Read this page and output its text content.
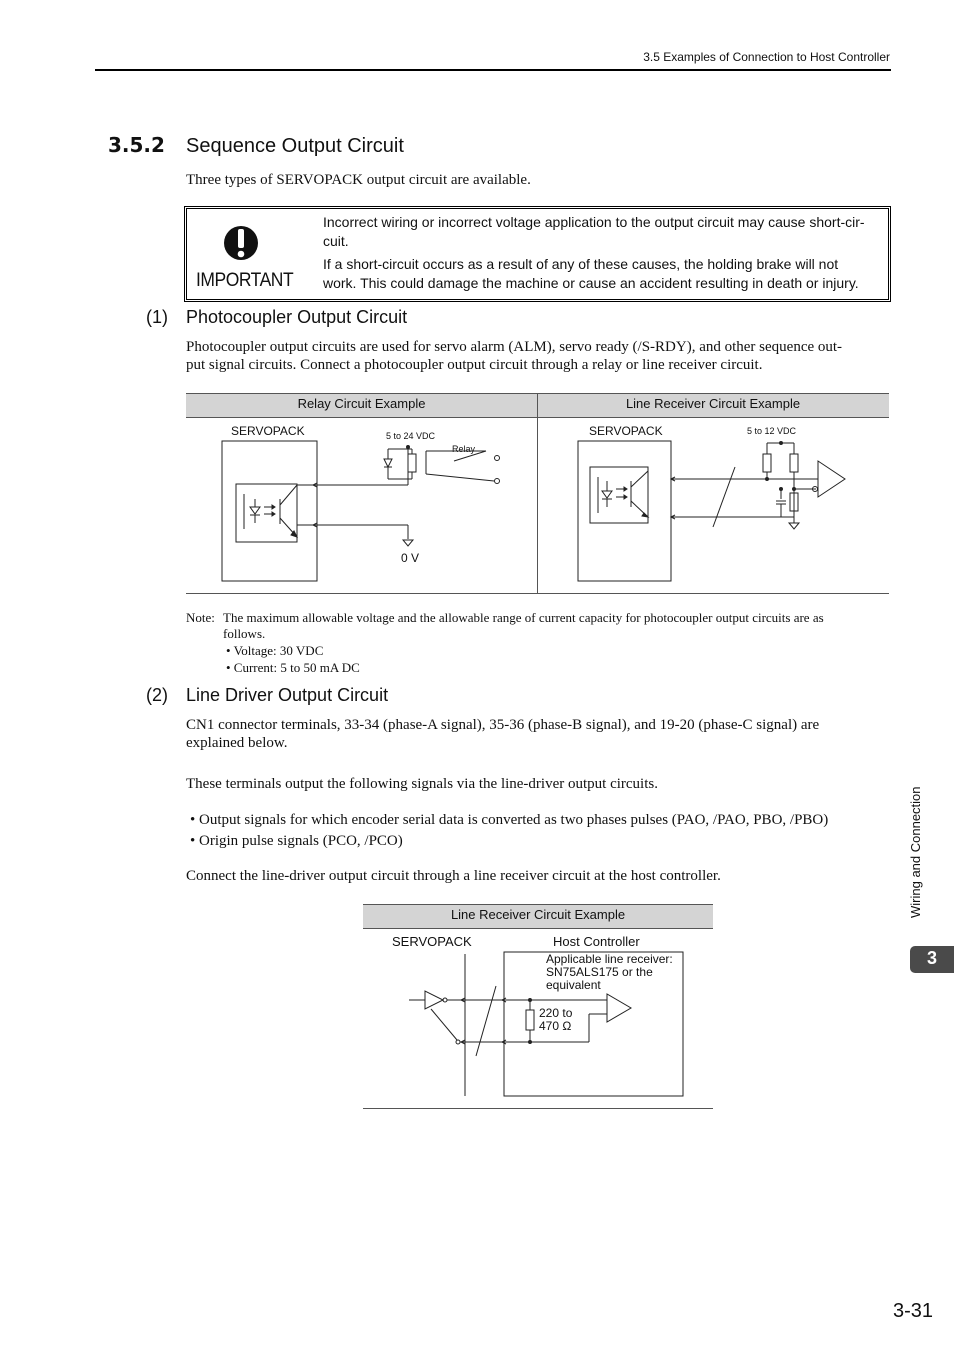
3.5 Examples of Connection to Host Controller
3.5.2 Sequence Output Circuit
Three types of SERVOPACK output circuit are available.
IMPORTANT
Incorrect wiring or incorrect voltage application to the output circuit may cause short-cir-
cuit.
If a short-circuit occurs as a result of any of these causes, the holding brake will not
work. This could damage the machine or cause an accident resulting in death or injury.
(1) Photocoupler Output Circuit
Photocoupler output circuits are used for servo alarm (ALM), servo ready (/S-RDY), and other sequence out-
put signal circuits. Connect a photocoupler output circuit through a relay or line receiver circuit.
Relay Circuit Example	Line Receiver Circuit Example
SERVOPACK	5 to 24 VDC
Relay
0 V
SERVOPACK	5 to 12 VDC
Note: The maximum allowable voltage and the allowable range of current capacity for photocoupler output circuits are as
follows.
• Voltage: 30 VDC
• Current: 5 to 50 mA DC
(2) Line Driver Output Circuit
CN1 connector terminals, 33-34 (phase-A signal), 35-36 (phase-B signal), and 19-20 (phase-C signal) are
explained below.
These terminals output the following signals via the line-driver output circuits.
• Output signals for which encoder serial data is converted as two phases pulses (PAO, /PAO, PBO, /PBO)
• Origin pulse signals (PCO, /PCO)
Connect the line-driver output circuit through a line receiver circuit at the host controller.
Line Receiver Circuit Example
SERVOPACK	Host Controller
Applicable line receiver:
SN75ALS175 or the
equivalent
220 to
470 Ω
Wiring and Connection
3
3-31
